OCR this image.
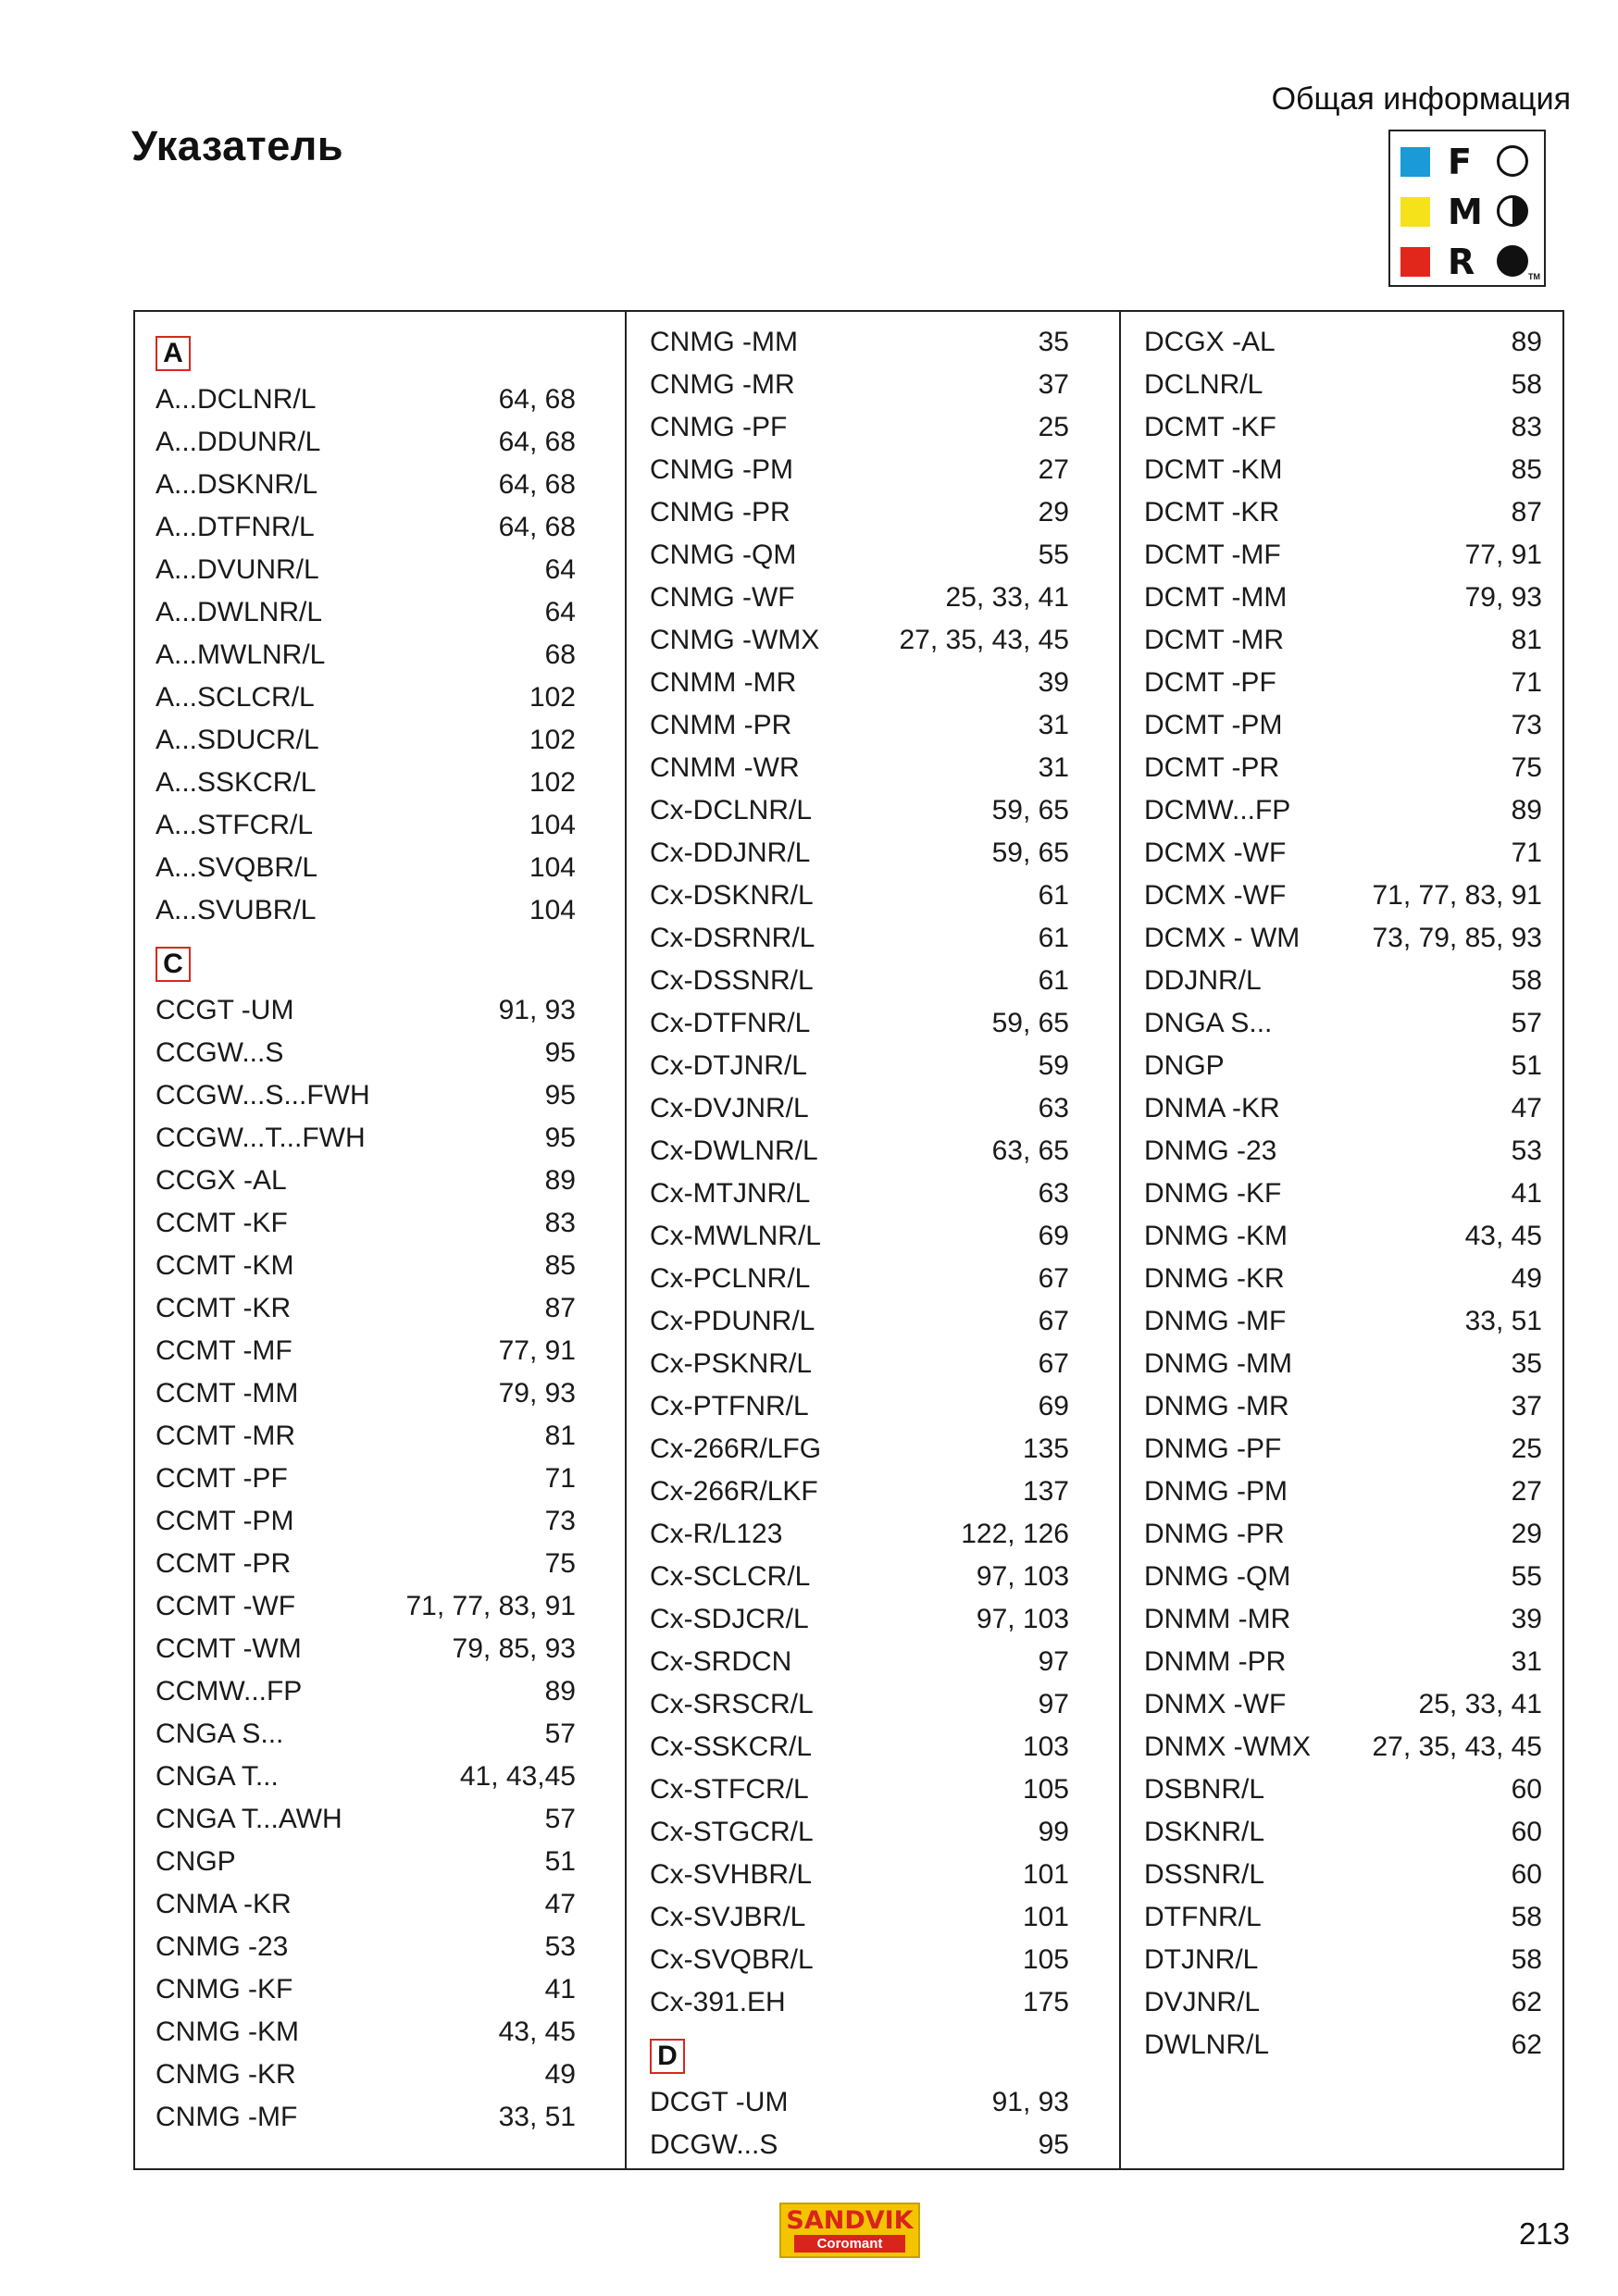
Общая информация
Указатель	F
M
R	TM
A
A...DCLNR/L	64, 68
A...DDUNR/L	64, 68
A...DSKNR/L	64, 68
A...DTFNR/L	64, 68
A...DVUNR/L	64
A...DWLNR/L	64
A...MWLNR/L	68
A...SCLCR/L	102
A...SDUCR/L	102
A...SSKCR/L	102
A...STFCR/L	104
A...SVQBR/L	104
A...SVUBR/L	104
C
CCGT -UM	91, 93
CCGW...S	95
CCGW...S...FWH	95
CCGW...T...FWH	95
CCGX -AL	89
CCMT -KF	83
CCMT -KM	85
CCMT -KR	87
CCMT -MF	77, 91
CCMT -MM	79, 93
CCMT -MR	81
CCMT -PF	71
CCMT -PM	73
CCMT -PR	75
CCMT -WF	71, 77, 83, 91
CCMT -WM	79, 85, 93
CCMW...FP	89
CNGA S...	57
CNGA T...	41, 43,45
CNGA T...AWH	57
CNGP	51
CNMA -KR	47
CNMG -23	53
CNMG -KF	41
CNMG -KM	43, 45
CNMG -KR	49
CNMG -MF	33, 51
CNMG -MM	35
CNMG -MR	37
CNMG -PF	25
CNMG -PM	27
CNMG -PR	29
CNMG -QM	55
CNMG -WF	25, 33, 41
CNMG -WMX	27, 35, 43, 45
CNMM -MR	39
CNMM -PR	31
CNMM -WR	31
Cx-DCLNR/L	59, 65
Cx-DDJNR/L	59, 65
Cx-DSKNR/L	61
Cx-DSRNR/L	61
Cx-DSSNR/L	61
Cx-DTFNR/L	59, 65
Cx-DTJNR/L	59
Cx-DVJNR/L	63
Cx-DWLNR/L	63, 65
Cx-MTJNR/L	63
Cx-MWLNR/L	69
Cx-PCLNR/L	67
Cx-PDUNR/L	67
Cx-PSKNR/L	67
Cx-PTFNR/L	69
Cx-266R/LFG	135
Cx-266R/LKF	137
Cx-R/L123	122, 126
Cx-SCLCR/L	97, 103
Cx-SDJCR/L	97, 103
Cx-SRDCN	97
Cx-SRSCR/L	97
Cx-SSKCR/L	103
Cx-STFCR/L	105
Cx-STGCR/L	99
Cx-SVHBR/L	101
Cx-SVJBR/L	101
Cx-SVQBR/L	105
Cx-391.EH	175
D
DCGT -UM	91, 93
DCGW...S	95
DCGX -AL	89
DCLNR/L	58
DCMT -KF	83
DCMT -KM	85
DCMT -KR	87
DCMT -MF	77, 91
DCMT -MM	79, 93
DCMT -MR	81
DCMT -PF	71
DCMT -PM	73
DCMT -PR	75
DCMW...FP	89
DCMX -WF	71
DCMX -WF	71, 77, 83, 91
DCMX - WM	73, 79, 85, 93
DDJNR/L	58
DNGA S...	57
DNGP	51
DNMA -KR	47
DNMG -23	53
DNMG -KF	41
DNMG -KM	43, 45
DNMG -KR	49
DNMG -MF	33, 51
DNMG -MM	35
DNMG -MR	37
DNMG -PF	25
DNMG -PM	27
DNMG -PR	29
DNMG -QM	55
DNMM -MR	39
DNMM -PR	31
DNMX -WF	25, 33, 41
DNMX -WMX 27, 35, 43, 45
DSBNR/L	60
DSKNR/L	60
DSSNR/L	60
DTFNR/L	58
DTJNR/L	58
DVJNR/L	62
DWLNR/L	62
SANDVIK
Coromant	213
